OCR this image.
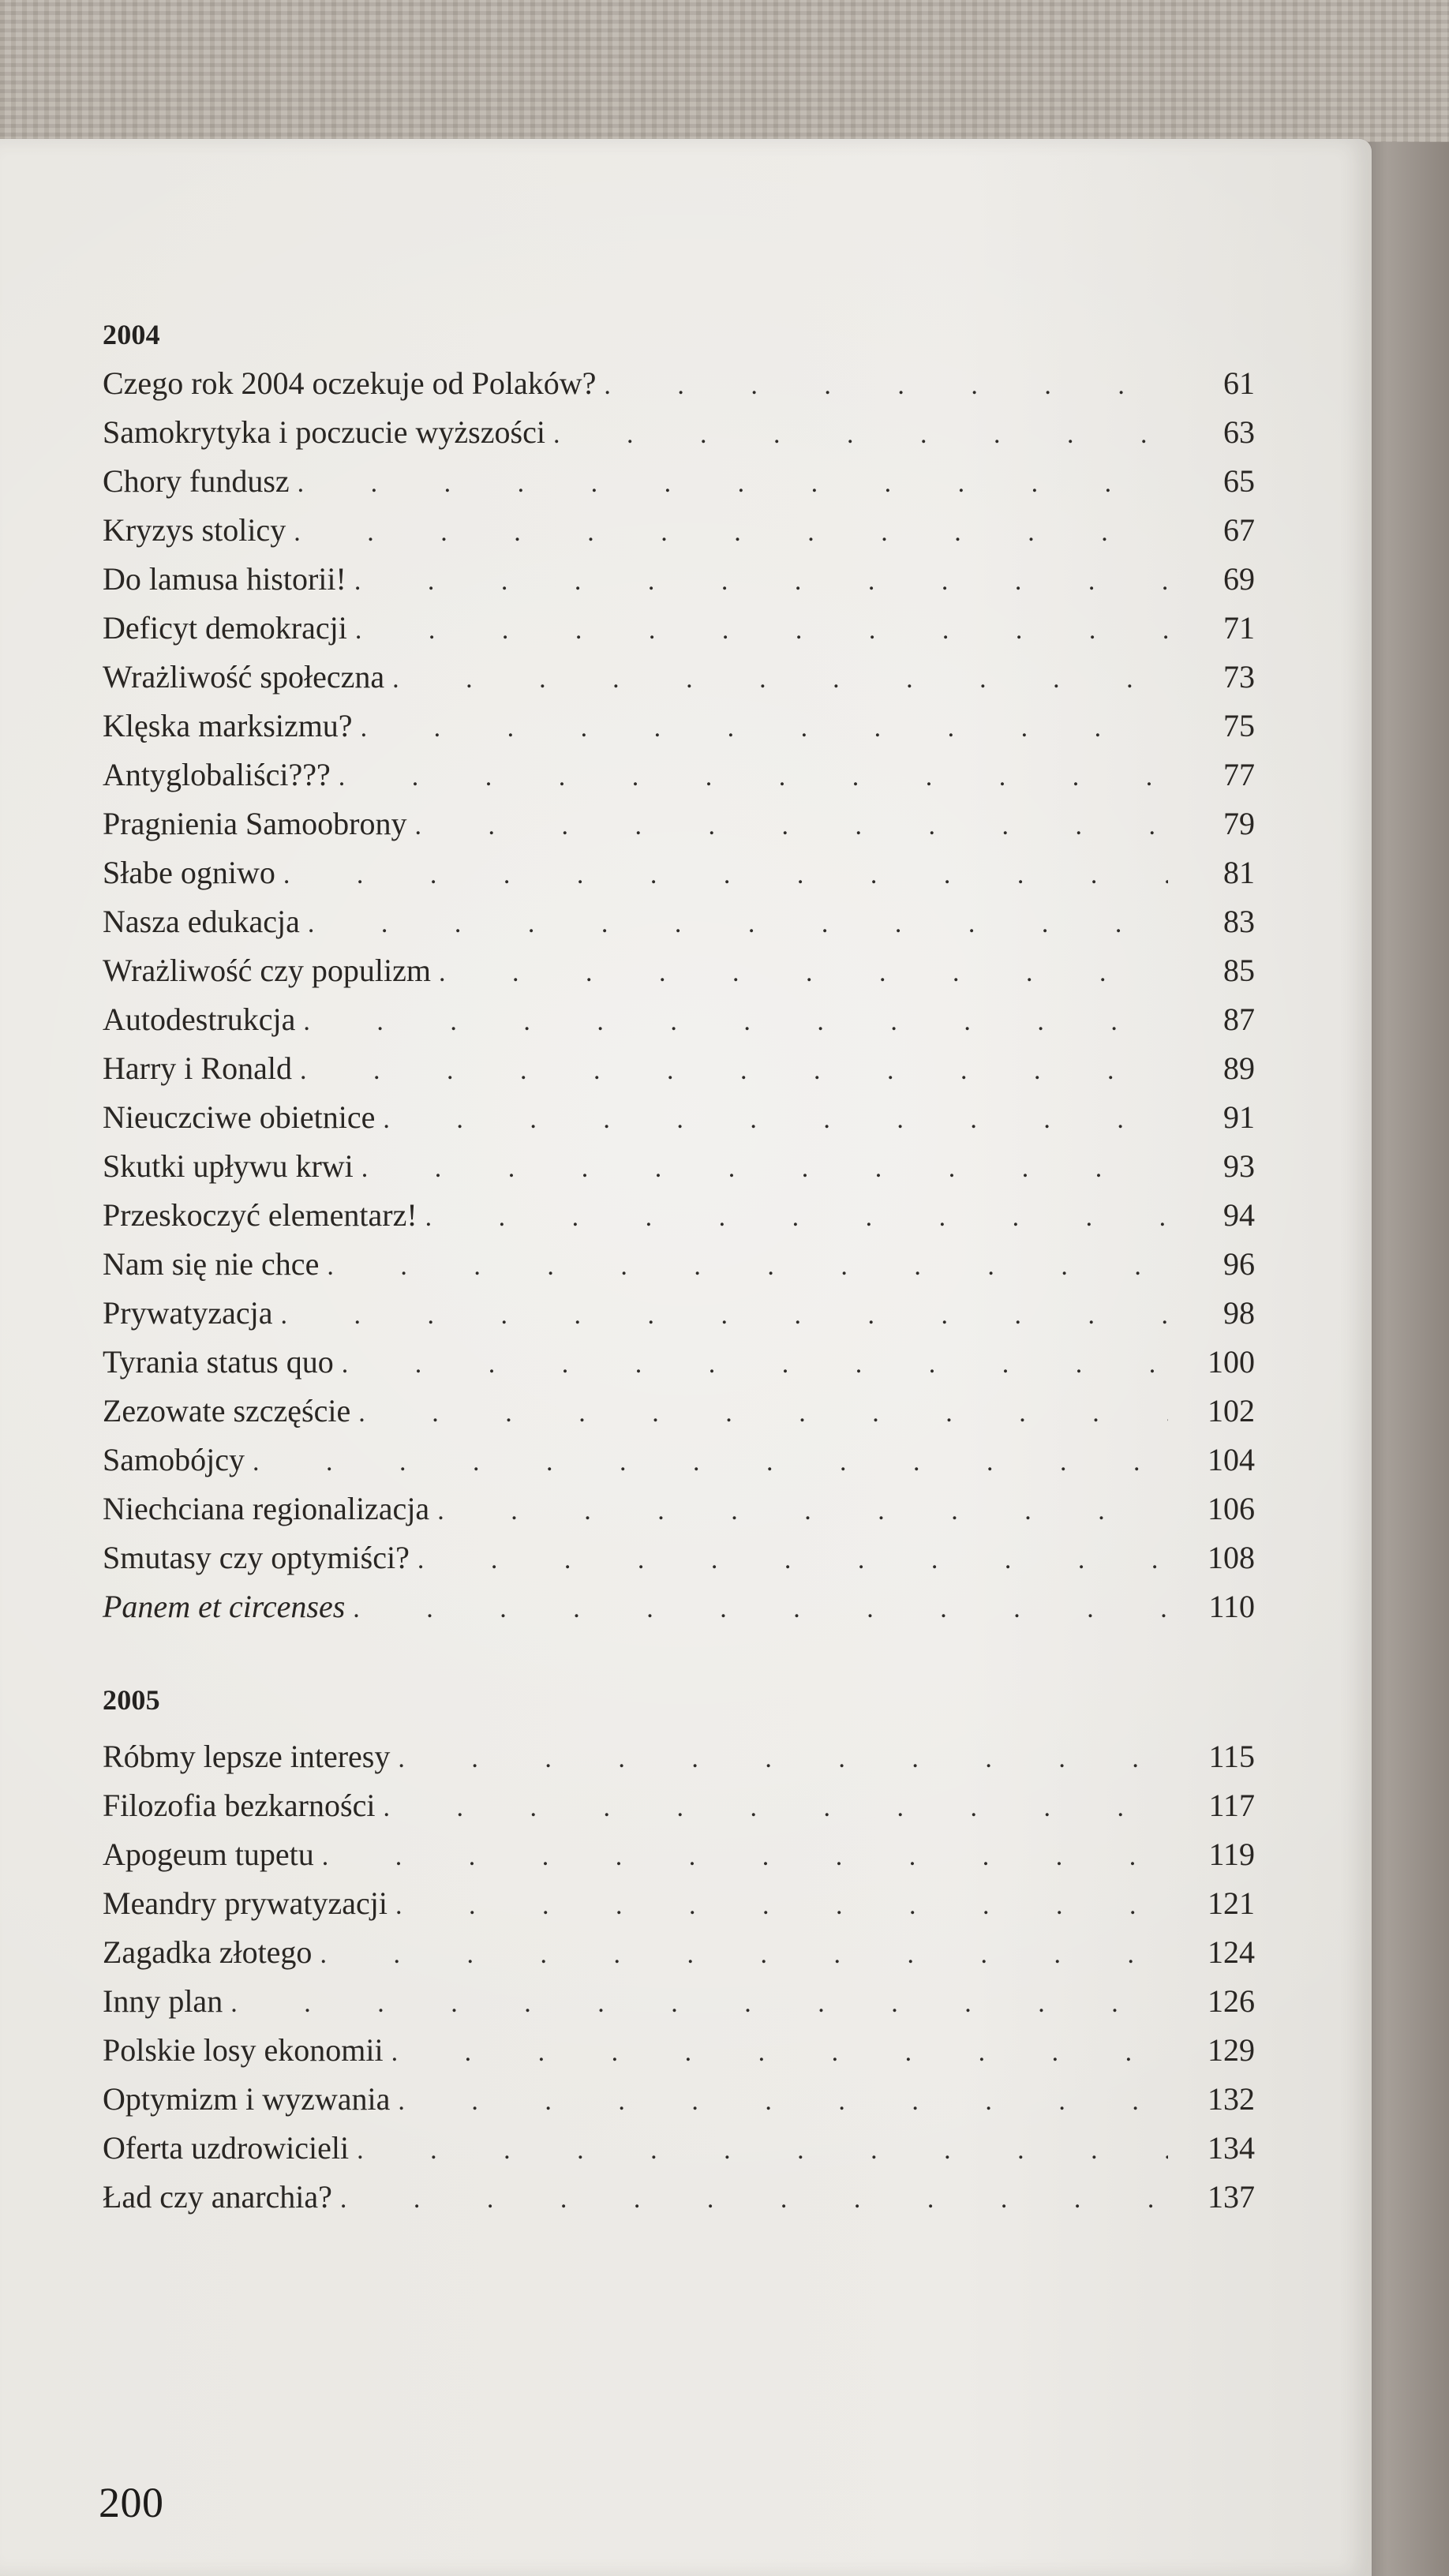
2004
Czego rok 2004 oczekuje od Polaków? . . .	61
Samokrytyka i poczucie wyższości . . .	63
Chory fundusz . . .	65
Kryzys stolicy . . .	67
Do lamusa historii! . . .	69
Deficyt demokracji . . .	71
Wrażliwość społeczna . . .	73
Klęska marksizmu? . . .	75
Antyglobaliści??? . . .	77
Pragnienia Samoobrony . . .	79
Słabe ogniwo . . .	81
Nasza edukacja . . .	83
Wrażliwość czy populizm . . .	85
Autodestrukcja . . .	87
Harry i Ronald . . .	89
Nieuczciwe obietnice . . .	91
Skutki upływu krwi . . .	93
Przeskoczyć elementarz! . . .	94
Nam się nie chce . . .	96
Prywatyzacja . . .	98
Tyrania status quo . . .	100
Zezowate szczęście . . .	102
Samobójcy . . .	104
Niechciana regionalizacja . . .	106
Smutasy czy optymiści? . . .	108
Panem et circenses . . .	110
2005
Róbmy lepsze interesy . . .	115
Filozofia bezkarności . . .	117
Apogeum tupetu . . .	119
Meandry prywatyzacji . . .	121
Zagadka złotego . . .	124
Inny plan . . .	126
Polskie losy ekonomii . . .	129
Optymizm i wyzwania . . .	132
Oferta uzdrowicieli . . .	134
Ład czy anarchia? . . .	137
200
